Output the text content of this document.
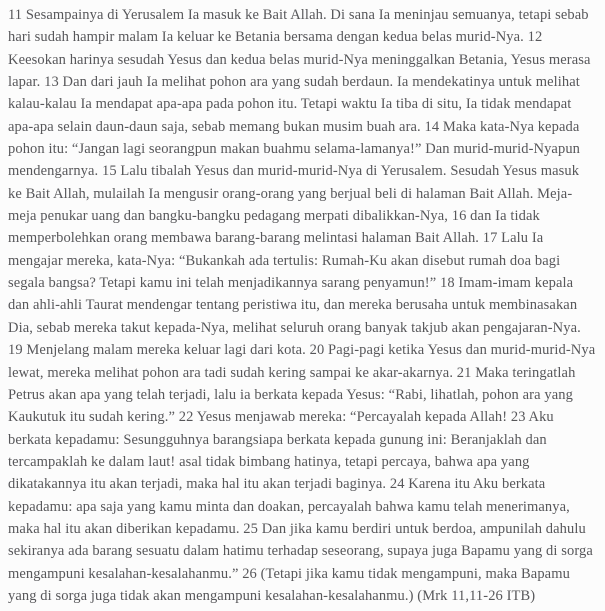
11 Sesampainya di Yerusalem Ia masuk ke Bait Allah. Di sana Ia meninjau semuanya, tetapi sebab hari sudah hampir malam Ia keluar ke Betania bersama dengan kedua belas murid-Nya. 12 Keesokan harinya sesudah Yesus dan kedua belas murid-Nya meninggalkan Betania, Yesus merasa lapar. 13 Dan dari jauh Ia melihat pohon ara yang sudah berdaun. Ia mendekatinya untuk melihat kalau-kalau Ia mendapat apa-apa pada pohon itu. Tetapi waktu Ia tiba di situ, Ia tidak mendapat apa-apa selain daun-daun saja, sebab memang bukan musim buah ara. 14 Maka kata-Nya kepada pohon itu: “Jangan lagi seorangpun makan buahmu selama-lamanya!” Dan murid-murid-Nyapun mendengarnya. 15 Lalu tibalah Yesus dan murid-murid-Nya di Yerusalem. Sesudah Yesus masuk ke Bait Allah, mulailah Ia mengusir orang-orang yang berjual beli di halaman Bait Allah. Meja-meja penukar uang dan bangku-bangku pedagang merpati dibalikkan-Nya, 16 dan Ia tidak memperbolehkan orang membawa barang-barang melintasi halaman Bait Allah. 17 Lalu Ia mengajar mereka, kata-Nya: “Bukankah ada tertulis: Rumah-Ku akan disebut rumah doa bagi segala bangsa? Tetapi kamu ini telah menjadikannya sarang penyamun!” 18 Imam-imam kepala dan ahli-ahli Taurat mendengar tentang peristiwa itu, dan mereka berusaha untuk membinasakan Dia, sebab mereka takut kepada-Nya, melihat seluruh orang banyak takjub akan pengajaran-Nya. 19 Menjelang malam mereka keluar lagi dari kota. 20 Pagi-pagi ketika Yesus dan murid-murid-Nya lewat, mereka melihat pohon ara tadi sudah kering sampai ke akar-akarnya. 21 Maka teringatlah Petrus akan apa yang telah terjadi, lalu ia berkata kepada Yesus: “Rabi, lihatlah, pohon ara yang Kaukutuk itu sudah kering.” 22 Yesus menjawab mereka: “Percayalah kepada Allah! 23 Aku berkata kepadamu: Sesungguhnya barangsiapa berkata kepada gunung ini: Beranjaklah dan tercampaklah ke dalam laut! asal tidak bimbang hatinya, tetapi percaya, bahwa apa yang dikatakannya itu akan terjadi, maka hal itu akan terjadi baginya. 24 Karena itu Aku berkata kepadamu: apa saja yang kamu minta dan doakan, percayalah bahwa kamu telah menerimanya, maka hal itu akan diberikan kepadamu. 25 Dan jika kamu berdiri untuk berdoa, ampunilah dahulu sekiranya ada barang sesuatu dalam hatimu terhadap seseorang, supaya juga Bapamu yang di sorga mengampuni kesalahan-kesalahanmu.” 26 (Tetapi jika kamu tidak mengampuni, maka Bapamu yang di sorga juga tidak akan mengampuni kesalahan-kesalahanmu.) (Mrk 11,11-26 ITB)
